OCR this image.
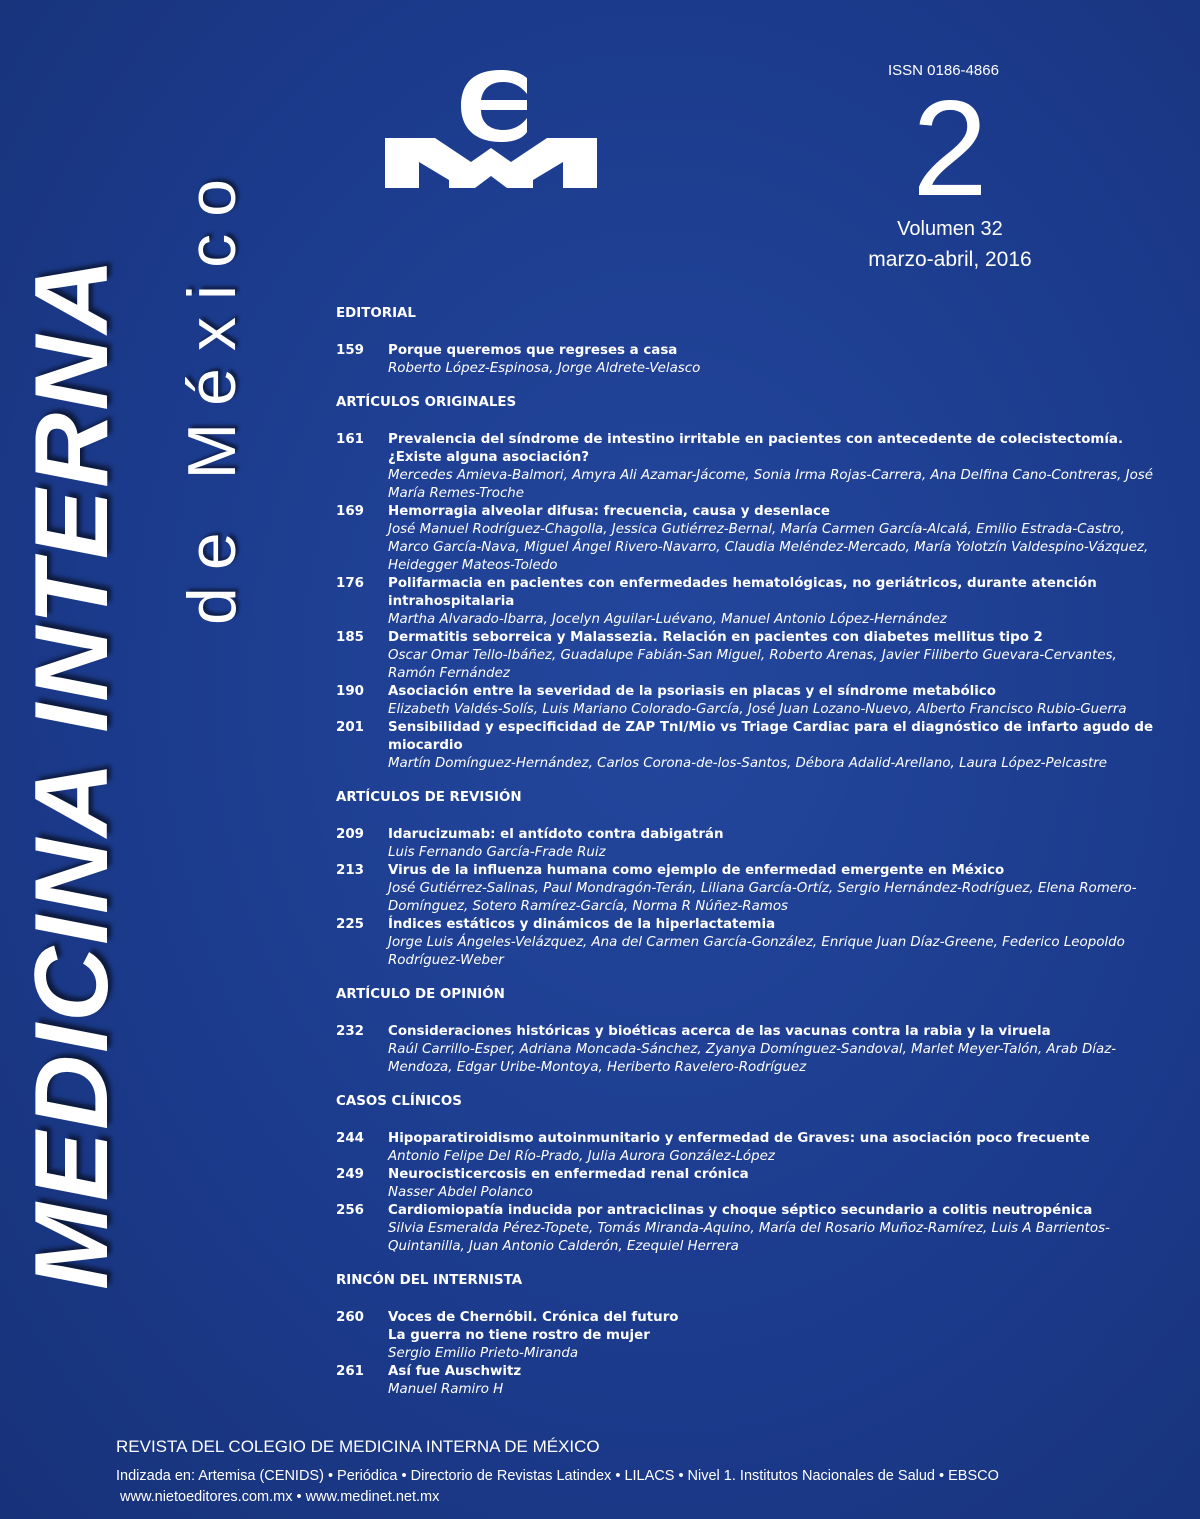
MEDICINA INTERNA de México
ISSN 0186-4866
2
Volumen 32
marzo-abril, 2016
EDITORIAL
159	Porque queremos que regreses a casa
Roberto López-Espinosa, Jorge Aldrete-Velasco
ARTÍCULOS ORIGINALES
161	Prevalencia del síndrome de intestino irritable en pacientes con antecedente de colecistectomía. ¿Existe alguna asociación?
Mercedes Amieva-Balmori, Amyra Ali Azamar-Jácome, Sonia Irma Rojas-Carrera, Ana Delfina Cano-Contreras, José María Remes-Troche
169	Hemorragia alveolar difusa: frecuencia, causa y desenlace
José Manuel Rodríguez-Chagolla, Jessica Gutiérrez-Bernal, María Carmen García-Alcalá, Emilio Estrada-Castro, Marco García-Nava, Miguel Ángel Rivero-Navarro, Claudia Meléndez-Mercado, María Yolotzín Valdespino-Vázquez, Heidegger Mateos-Toledo
176	Polifarmacia en pacientes con enfermedades hematológicas, no geriátricos, durante atención intrahospitalaria
Martha Alvarado-Ibarra, Jocelyn Aguilar-Luévano, Manuel Antonio López-Hernández
185	Dermatitis seborreica y Malassezia. Relación en pacientes con diabetes mellitus tipo 2
Oscar Omar Tello-Ibáñez, Guadalupe Fabián-San Miguel, Roberto Arenas, Javier Filiberto Guevara-Cervantes, Ramón Fernández
190	Asociación entre la severidad de la psoriasis en placas y el síndrome metabólico
Elizabeth Valdés-Solís, Luis Mariano Colorado-García, José Juan Lozano-Nuevo, Alberto Francisco Rubio-Guerra
201	Sensibilidad y especificidad de ZAP TnI/Mio vs Triage Cardiac para el diagnóstico de infarto agudo de miocardio
Martín Domínguez-Hernández, Carlos Corona-de-los-Santos, Débora Adalid-Arellano, Laura López-Pelcastre
ARTÍCULOS DE REVISIÓN
209	Idarucizumab: el antídoto contra dabigatrán
Luis Fernando García-Frade Ruiz
213	Virus de la influenza humana como ejemplo de enfermedad emergente en México
José Gutiérrez-Salinas, Paul Mondragón-Terán, Liliana García-Ortíz, Sergio Hernández-Rodríguez, Elena Romero-Domínguez, Sotero Ramírez-García, Norma R Núñez-Ramos
225	Índices estáticos y dinámicos de la hiperlactatemia
Jorge Luis Ángeles-Velázquez, Ana del Carmen García-González, Enrique Juan Díaz-Greene, Federico Leopoldo Rodríguez-Weber
ARTÍCULO DE OPINIÓN
232	Consideraciones históricas y bioéticas acerca de las vacunas contra la rabia y la viruela
Raúl Carrillo-Esper, Adriana Moncada-Sánchez, Zyanya Domínguez-Sandoval, Marlet Meyer-Talón, Arab Díaz-Mendoza, Edgar Uribe-Montoya, Heriberto Ravelero-Rodríguez
CASOS CLÍNICOS
244	Hipoparatiroidismo autoinmunitario y enfermedad de Graves: una asociación poco frecuente
Antonio Felipe Del Río-Prado, Julia Aurora González-López
249	Neurocisticercosis en enfermedad renal crónica
Nasser Abdel Polanco
256	Cardiomiopatía inducida por antraciclinas y choque séptico secundario a colitis neutropénica
Silvia Esmeralda Pérez-Topete, Tomás Miranda-Aquino, María del Rosario Muñoz-Ramírez, Luis A Barrientos-Quintanilla, Juan Antonio Calderón, Ezequiel Herrera
RINCÓN DEL INTERNISTA
260	Voces de Chernóbil. Crónica del futuro
La guerra no tiene rostro de mujer
Sergio Emilio Prieto-Miranda
261	Así fue Auschwitz
Manuel Ramiro H
REVISTA DEL COLEGIO DE MEDICINA INTERNA DE MÉXICO
Indizada en: Artemisa (CENIDS) • Periódica • Directorio de Revistas Latindex • LILACS • Nivel 1. Institutos Nacionales de Salud • EBSCO
www.nietoeditores.com.mx • www.medinet.net.mx
